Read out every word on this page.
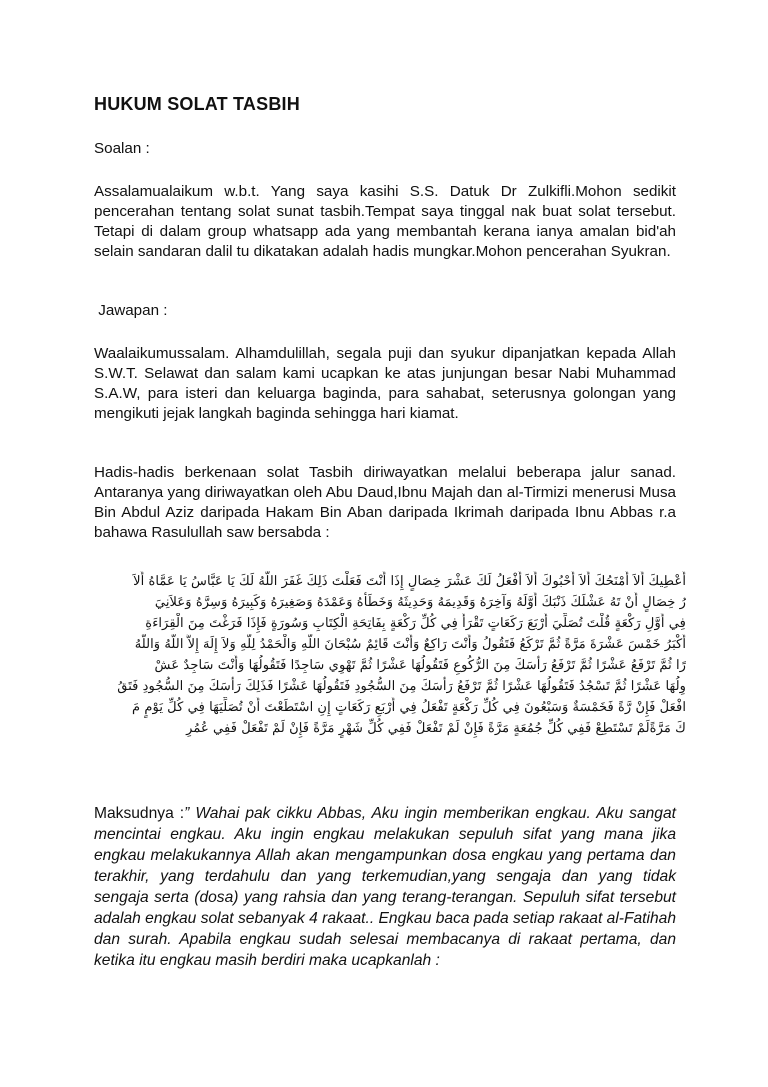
HUKUM SOLAT TASBIH

Soalan :

Assalamualaikum w.b.t. Yang saya kasihi S.S. Datuk Dr Zulkifli.Mohon sedikit pencerahan tentang solat sunat tasbih.Tempat saya tinggal nak buat solat tersebut. Tetapi di dalam group whatsapp ada yang membantah kerana ianya amalan bid'ah selain sandaran dalil tu dikatakan adalah hadis mungkar.Mohon pencerahan Syukran.

Jawapan :

Waalaikumussalam. Alhamdulillah, segala puji dan syukur dipanjatkan kepada Allah S.W.T. Selawat dan salam kami ucapkan ke atas junjungan besar Nabi Muhammad S.A.W, para isteri dan keluarga baginda, para sahabat, seterusnya golongan yang mengikuti jejak langkah baginda sehingga hari kiamat.

Hadis-hadis berkenaan solat Tasbih diriwayatkan melalui beberapa jalur sanad. Antaranya yang diriwayatkan oleh Abu Daud,Ibnu Majah dan al-Tirmizi menerusi Musa Bin Abdul Aziz daripada Hakam Bin Aban daripada Ikrimah daripada Ibnu Abbas r.a bahawa Rasulullah saw bersabda :

أُعْطِيكَ أَلاَ أَمْنَحُكَ أَلاَ أَحْبُوكَ أَلاَ أَفْعَلُ لَكَ عَشْرَ خِصَالٍ إِذَا أَنْتَ فَعَلْتَ ذَلِكَ غَفَرَ اللَّهُ لَكَ يَا عَبَّاسُ يَا عَمَّاهُ أَلاَ
رُ خِصَالٍ أَنْ تَهُ عَشْلَكَ ذَنْبَكَ أَوَّلَهُ وَآخِرَهُ وَقَدِيمَهُ وَحَدِيثَهُ وَخَطَأَهُ وَعَمْدَهُ وَصَغِيرَهُ وَكَبِيرَهُ وَسِرَّهُ وَعَلاَنِيَ
فِي أَوَّلِ رَكْعَةٍ قُلْتَ تُصَلِّيَ أَرْبَعَ رَكَعَاتٍ تَقْرَأُ فِي كُلِّ رَكْعَةٍ بِفَاتِحَةِ الْكِتَابِ وَسُورَةٍ فَإِذَا فَرَغْتَ مِنَ الْقِرَاءَةِ
أَكْبَرُ خَمْسَ عَشْرَةَ مَرَّةً ثُمَّ تَرْكَعُ فَتَقُولُ وَأَنْتَ رَاكِعٌ وَأَنْتَ قَائِمٌ سُبْحَانَ اللَّهِ وَالْحَمْدُ لِلَّهِ وَلاَ إِلَهَ إِلاَّ اللَّهُ وَاللَّهُ
رًا ثُمَّ تَرْفَعُ عَشْرًا ثُمَّ تَرْفَعُ رَأْسَكَ مِنَ الرُّكُوعِ فَتَقُولُهَا عَشْرًا ثُمَّ تَهْوِي سَاجِدًا فَتَقُولُهَا وَأَنْتَ سَاجِدٌ عَشْ
وِلُهَا عَشْرًا ثُمَّ تَسْجُدُ فَتَقُولُهَا عَشْرًا ثُمَّ تَرْفَعُ رَأْسَكَ مِنَ السُّجُودِ فَتَقُولُهَا عَشْرًا فَذَلِكَ رَأْسَكَ مِنَ السُّجُودِ فَتَقُ
افْعَلْ فَإِنْ رَّةً فَخَمْسَةٌ وَسَبْعُونَ فِي كُلِّ رَكْعَةٍ تَفْعَلُ فِي أَرْبَعِ رَكَعَاتٍ إِنِ اسْتَطَعْتَ أَنْ تُصَلِّيَهَا فِي كُلِّ يَوْمٍ مَ
كَ مَرَّةًلَمْ تَسْتَطِعْ فَفِي كُلِّ جُمُعَةٍ مَرَّةً فَإِنْ لَمْ تَفْعَلْ فَفِي كُلِّ شَهْرٍ مَرَّةً فَإِنْ لَمْ تَفْعَلْ فَفِي عُمُرِ

Maksudnya :” Wahai pak cikku Abbas, Aku ingin memberikan engkau. Aku sangat mencintai engkau. Aku ingin engkau melakukan sepuluh sifat yang mana jika engkau melakukannya Allah akan mengampunkan dosa engkau yang pertama dan terakhir, yang terdahulu dan yang terkemudian,yang sengaja dan yang tidak sengaja serta (dosa) yang rahsia dan yang terang-terangan. Sepuluh sifat tersebut adalah engkau solat sebanyak 4 rakaat.. Engkau baca pada setiap rakaat al-Fatihah dan surah. Apabila engkau sudah selesai membacanya di rakaat pertama, dan ketika itu engkau masih berdiri maka ucapkanlah :
